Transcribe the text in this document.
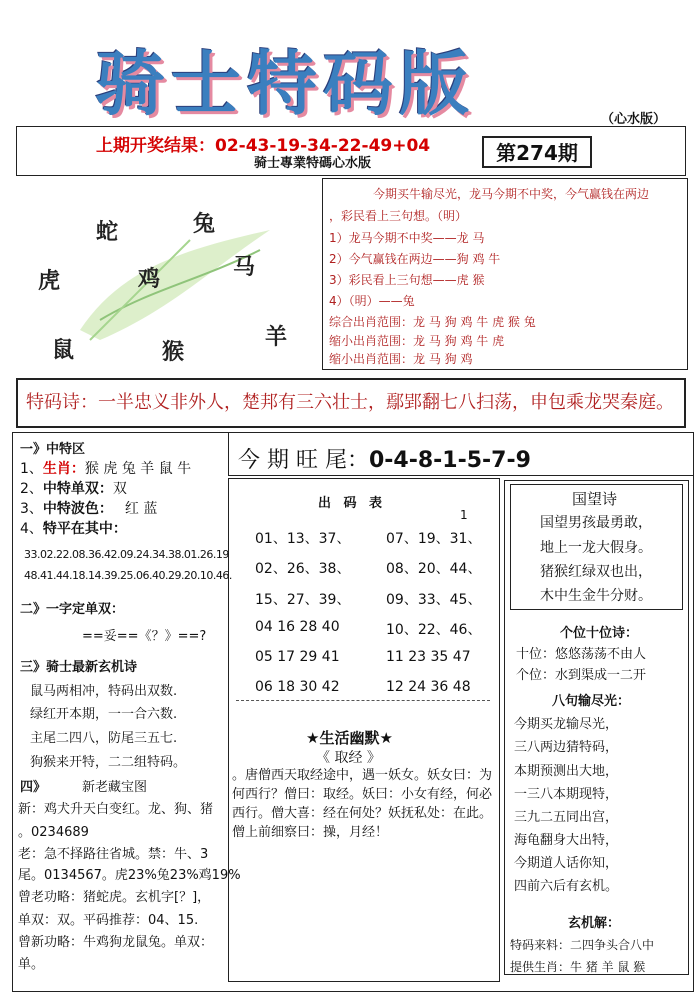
骑士特码版	（心水版）
上期开奖结果：02-43-19-34-22-49+04
骑士專業特碼心水版	第274期
蛇	兔
马
虎	鸡
鼠	羊
猴
今期买牛输尽光，龙马今期不中奖，今气赢钱在两边
，彩民看上三句想。（明）
1）龙马今期不中奖——龙 马
2）今气赢钱在两边——狗 鸡 牛
3）彩民看上三句想——虎 猴
4）（明）——兔
综合出肖范围：龙 马 狗 鸡 牛 虎 猴 兔
缩小出肖范围：龙 马 狗 鸡 牛 虎
缩小出肖范围：龙 马 狗 鸡
特码诗：一半忠义非外人，楚邦有三六壮士，鄢郢翻七八扫荡，申包乘龙哭秦庭。
一》中特区
1、生肖：猴 虎 兔 羊 鼠 牛
2、中特单双：双
3、中特波色： 红 蓝
4、特平在其中：
33.02.22.08.36.42.09.24.34.38.01.26.19
48.41.44.18.14.39.25.06.40.29.20.10.46.
二》一字定单双：
==妥==《？》==?
三》骑士最新玄机诗
鼠马两相冲，特码出双数.
绿红开本期，一一合六数.
主尾二四八，防尾三五七.
狗猴来开特，二二组特码。
四》	新老藏宝图
新：鸡犬升天白变红。龙、狗、猪
。0234689
老：急不择路往省城。禁：牛、3
尾。0134567。虎23%兔23%鸡19%
曾老功略：猪蛇虎。玄机字[？]，
单双：双。平码推荐：04、15.
曾新功略：牛鸡狗龙鼠兔。单双：
单。
今 期 旺 尾：0-4-8-1-5-7-9
出 码 表
1
01、13、37、	07、19、31、
02、26、38、	08、20、44、
15、27、39、	09、33、45、
04 16 28 40	10、22、46、
05 17 29 41	11 23 35 47
06 18 30 42	12 24 36 48
★生活幽默★
《 取经 》
。唐僧西天取经途中，遇一妖女。妖女曰：为何西行？僧曰：取经。妖曰：小女有经，何必西行。僧大喜：经在何处？妖抚私处：在此。僧上前细察曰：操，月经！
国望诗
国望男孩最勇敢，
地上一龙大假身。
猪猴红绿双也出，
木中生金牛分财。
个位十位诗：
十位：悠悠荡荡不由人
个位：水到渠成一二开
八句输尽光：
今期买龙输尽光，
三八两边猜特码，
本期预测出大地，
一三八本期现特，
三九二五同出宫，
海龟翻身大出特，
今期道人话你知，
四前六后有玄机。
玄机解：
特码来料：二四争头合八中
提供生肖：牛 猪 羊 鼠 猴
